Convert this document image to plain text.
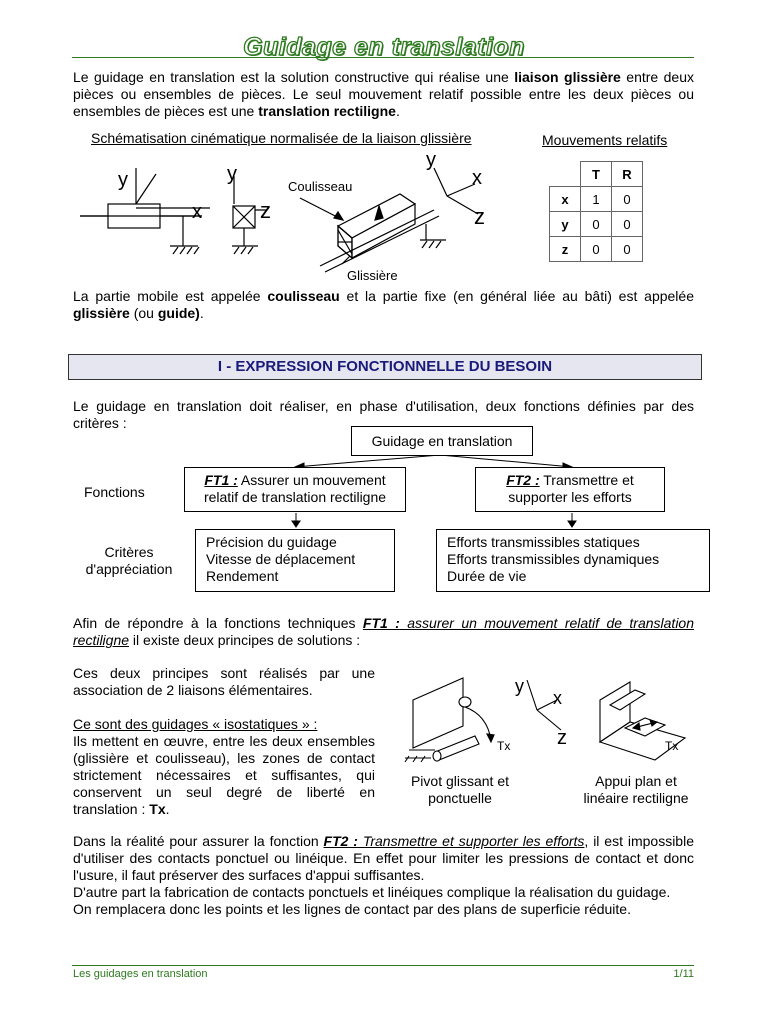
Guidage en translation
Le guidage en translation est la solution constructive qui réalise une liaison glissière entre deux pièces ou ensembles de pièces. Le seul mouvement relatif possible entre les deux pièces ou ensembles de pièces est une translation rectiligne.
Schématisation cinématique normalisée de la liaison glissière	Mouvements relatifs
y
x
y
z
y
x
z
Coulisseau
Glissière
	T	R
x	1	0
y	0	0
z	0	0
La partie mobile est appelée coulisseau et la partie fixe (en général liée au bâti) est appelée glissière (ou guide).
I - EXPRESSION FONCTIONNELLE DU BESOIN
Le guidage en translation doit réaliser, en phase d'utilisation, deux fonctions définies par des critères :
Guidage en translation
Fonctions
FT1 : Assurer un mouvement
relatif de translation rectiligne
FT2 : Transmettre et
supporter les efforts
Critères
d'appréciation
Précision du guidage
Vitesse de déplacement
Rendement
Efforts transmissibles statiques
Efforts transmissibles dynamiques
Durée de vie
Afin de répondre à la fonctions techniques FT1 : assurer un mouvement relatif de translation rectiligne il existe deux principes de solutions :
Ces deux principes sont réalisés par une association de 2 liaisons élémentaires.
Ce sont des guidages « isostatiques » :
Ils mettent en œuvre, entre les deux ensembles (glissière et coulisseau), les zones de contact strictement nécessaires et suffisantes, qui conservent un seul degré de liberté en translation : Tx.
y
x
z
Tx	Tx
Pivot glissant et
ponctuelle
Appui plan et
linéaire rectiligne
Dans la réalité pour assurer la fonction FT2 : Transmettre et supporter les efforts, il est impossible d'utiliser des contacts ponctuel ou linéique. En effet pour limiter les pressions de contact et donc l'usure, il faut préserver des surfaces d'appui suffisantes.
D'autre part la fabrication de contacts ponctuels et linéiques complique la réalisation du guidage.
On remplacera donc les points et les lignes de contact par des plans de superficie réduite.
Les guidages en translation	1/11
